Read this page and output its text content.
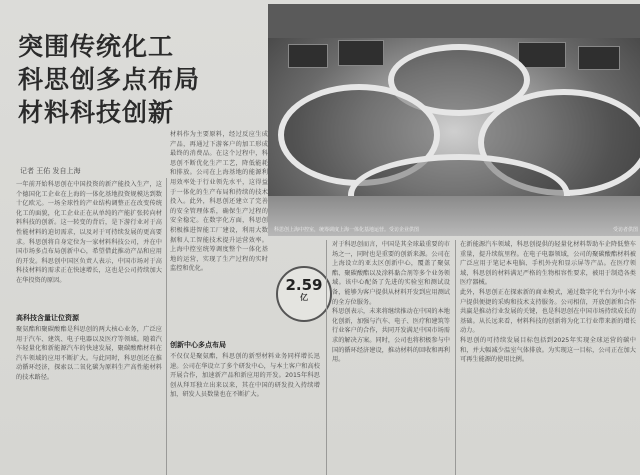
突围传统化工
科思创多点布局
材料科技创新
记者 王佑 发自上海
科思创上海中控室，统筹调度上海一体化基地运营。受访企业供图	受访者供图
2.59
亿
一年前开始科思创在中国投资的新产能投入生产，这个德国化工企业在上海的一体化基地投资规模达到数十亿欧元。一场全球性的产业结构调整正在改变传统化工的面貌，化工企业正在从单纯的产能扩张转向材料科技的创新。这一转变的背后，是下游行业对于高性能材料的迫切需求，以及对于可持续发展的更高要求。科思创将自身定位为一家材料科技公司，并在中国市场多点布局创新中心，希望借此推动产品和应用的开发。科思创中国区负责人表示，中国市场对于高科技材料的需求正在快速增长，这也是公司持续加大在华投资的原因。
高科技含量让位资源
聚氨酯和聚碳酸酯是科思创的两大核心业务，广泛应用于汽车、建筑、电子电器以及医疗等领域。随着汽车轻量化和新能源汽车的快速发展，聚碳酸酯材料在汽车领域的应用不断扩大。与此同时，科思创还在推动循环经济，探索以二氧化碳为原料生产高性能材料的技术路径。
材料作为主要原料，经过反应生成产品，再通过下游客户的加工形成最终的消费品。在这个过程中，科思创不断优化生产工艺，降低能耗和排放。公司在上海基地的能源利用效率处于行业领先水平，这得益于一体化的生产布局和持续的技术投入。此外，科思创还建立了完善的安全管理体系，确保生产过程的安全稳定。在数字化方面，科思创积极推进智能工厂建设，利用大数据和人工智能技术提升运营效率。上海中控室统筹调度整个一体化基地的运营，实现了生产过程的实时监控和优化。
创新中心多点布局
不仅仅是聚氨酯，科思创的新型材料业务同样增长迅速。公司在华设立了多个研发中心，与本土客户和高校开展合作，加速新产品和新应用的开发。2015年科思创从拜耳独立出来以来，其在中国的研发投入持续增加，研发人员数量也在不断扩大。
对于科思创而言，中国是其全球最重要的市场之一，同时也是重要的创新来源。公司在上海设立的亚太区创新中心，覆盖了聚氨酯、聚碳酸酯以及涂料黏合剂等多个业务领域。该中心配备了先进的实验室和测试设备，能够为客户提供从材料开发到应用测试的全方位服务。
科思创表示，未来将继续推动在中国的本地化创新，加强与汽车、电子、医疗和建筑等行业客户的合作，共同开发满足中国市场需求的解决方案。同时，公司也将积极参与中国的循环经济建设，推动材料的回收和再利用。
在新能源汽车领域，科思创提供的轻量化材料帮助车企降低整车重量，提升续航里程。在电子电器领域，公司的聚碳酸酯材料被广泛应用于笔记本电脑、手机外壳和显示屏等产品。在医疗领域，科思创的材料满足严格的生物相容性要求，被用于制造各类医疗器械。
此外，科思创正在探索新的商业模式，通过数字化平台为中小客户提供便捷的采购和技术支持服务。公司相信，开放创新和合作共赢是推动行业发展的关键，也是科思创在中国市场持续成长的基础。从长远来看，材料科技的创新将为化工行业带来新的增长动力。
科思创的可持续发展目标包括到2025年实现全球运营的碳中和，并大幅减少温室气体排放。为实现这一目标，公司正在加大可再生能源的使用比例。
